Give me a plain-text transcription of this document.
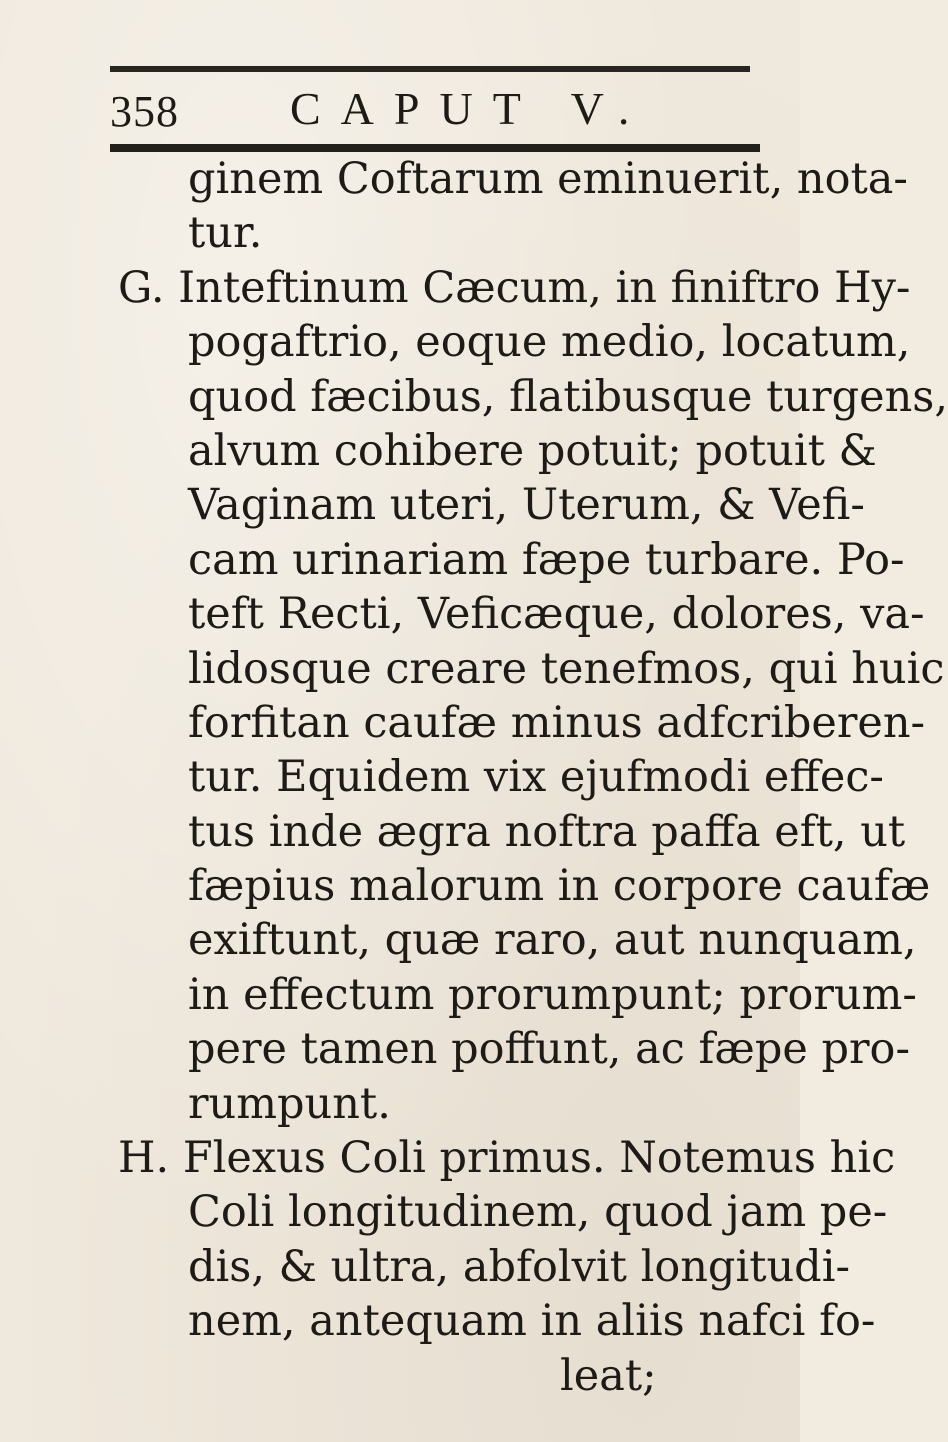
358 CAPUT V.
ginem Coftarum eminuerit, nota-
tur.
G. Inteftinum Cæcum, in finiftro Hy-
pogaftrio, eoque medio, locatum,
quod fæcibus, flatibusque turgens,
alvum cohibere potuit; potuit &
Vaginam uteri, Uterum, & Vefi-
cam urinariam fæpe turbare. Po-
teft Recti, Veficæque, dolores, va-
lidosque creare tenefmos, qui huic
forfitan caufæ minus adfcriberen-
tur. Equidem vix ejufmodi effec-
tus inde ægra noftra paffa eft, ut
fæpius malorum in corpore caufæ
exiftunt, quæ raro, aut nunquam,
in effectum prorumpunt; prorum-
pere tamen poffunt, ac fæpe pro-
rumpunt.
H. Flexus Coli primus. Notemus hic
Coli longitudinem, quod jam pe-
dis, & ultra, abfolvit longitudi-
nem, antequam in aliis nafci fo-
leat;
